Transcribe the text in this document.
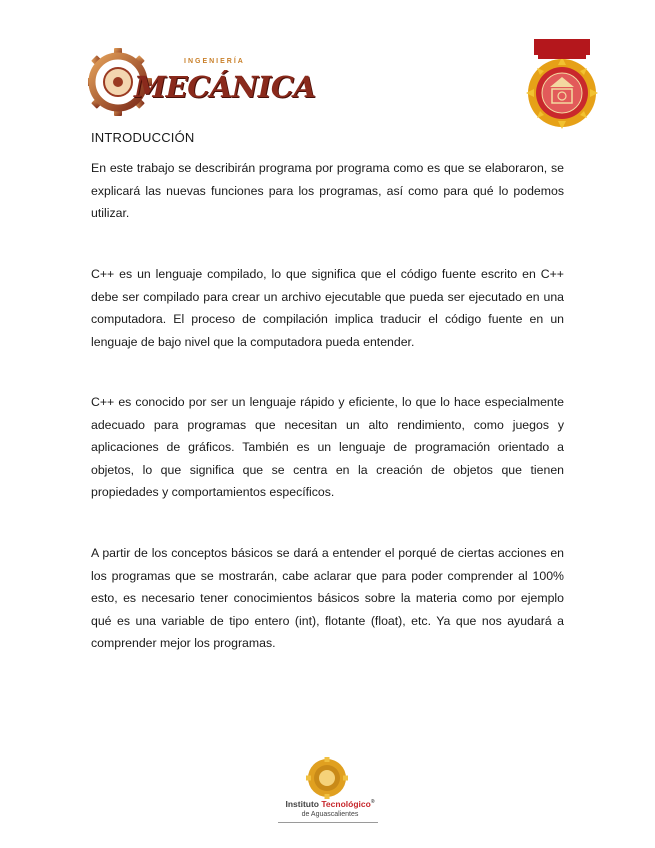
INGENIERÍA
MECÁNICA
INTRODUCCIÓN

En este trabajo se describirán programa por programa como es que se elaboraron, se explicará las nuevas funciones para los programas, así como para qué lo podemos utilizar.

C++ es un lenguaje compilado, lo que significa que el código fuente escrito en C++ debe ser compilado para crear un archivo ejecutable que pueda ser ejecutado en una computadora. El proceso de compilación implica traducir el código fuente en un lenguaje de bajo nivel que la computadora pueda entender.

C++ es conocido por ser un lenguaje rápido y eficiente, lo que lo hace especialmente adecuado para programas que necesitan un alto rendimiento, como juegos y aplicaciones de gráficos. También es un lenguaje de programación orientado a objetos, lo que significa que se centra en la creación de objetos que tienen propiedades y comportamientos específicos.

A partir de los conceptos básicos se dará a entender el porqué de ciertas acciones en los programas que se mostrarán, cabe aclarar que para poder comprender al 100% esto, es necesario tener conocimientos básicos sobre la materia como por ejemplo qué es una variable de tipo entero (int), flotante (float), etc. Ya que nos ayudará a comprender mejor los programas.

Instituto Tecnológico®
de Aguascalientes
